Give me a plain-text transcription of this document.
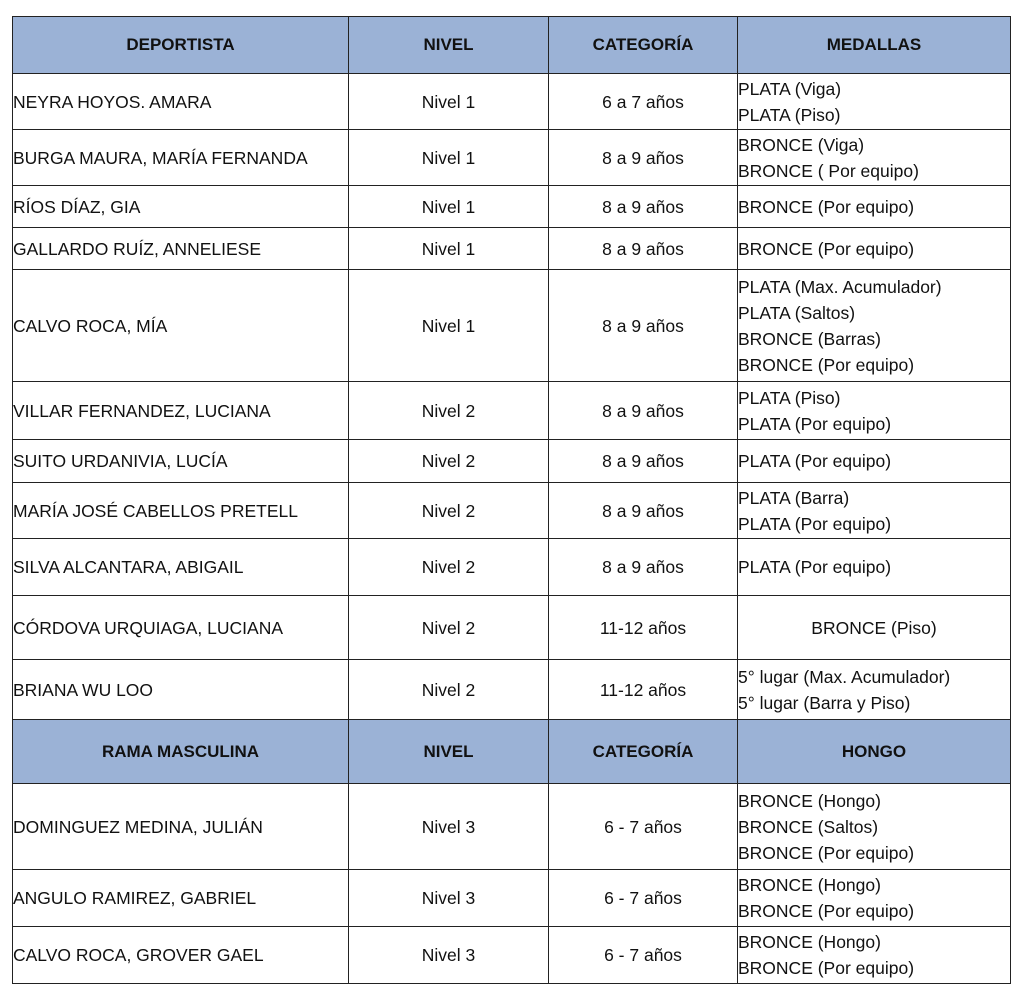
DEPORTISTA	NIVEL	CATEGORÍA	MEDALLAS
NEYRA HOYOS. AMARA	Nivel 1	6 a 7 años	PLATA (Viga)
PLATA (Piso)

BURGA MAURA, MARÍA FERNANDA	Nivel 1	8 a 9 años	BRONCE (Viga)
BRONCE ( Por equipo)

RÍOS DÍAZ, GIA	Nivel 1	8 a 9 años	BRONCE (Por equipo)

GALLARDO RUÍZ, ANNELIESE	Nivel 1	8 a 9 años	BRONCE (Por equipo)

CALVO ROCA, MÍA	Nivel 1	8 a 9 años	PLATA (Max. Acumulador)
PLATA (Saltos)
BRONCE (Barras)
BRONCE (Por equipo)

VILLAR FERNANDEZ, LUCIANA	Nivel 2	8 a 9 años	PLATA (Piso)
PLATA (Por equipo)

SUITO URDANIVIA, LUCÍA	Nivel 2	8 a 9 años	PLATA (Por equipo)

MARÍA JOSÉ CABELLOS PRETELL	Nivel 2	8 a 9 años	PLATA (Barra)
PLATA (Por equipo)

SILVA ALCANTARA, ABIGAIL	Nivel 2	8 a 9 años	PLATA (Por equipo)

CÓRDOVA URQUIAGA, LUCIANA	Nivel 2	11-12 años	BRONCE (Piso)

BRIANA WU LOO	Nivel 2	11-12 años	5° lugar (Max. Acumulador)
5° lugar (Barra y Piso)

RAMA MASCULINA	NIVEL	CATEGORÍA	HONGO
DOMINGUEZ MEDINA, JULIÁN	Nivel 3	6 - 7 años	BRONCE (Hongo)
BRONCE (Saltos)
BRONCE (Por equipo)

ANGULO RAMIREZ, GABRIEL	Nivel 3	6 - 7 años	BRONCE (Hongo)
BRONCE (Por equipo)

CALVO ROCA, GROVER GAEL	Nivel 3	6 - 7 años	BRONCE (Hongo)
BRONCE (Por equipo)
